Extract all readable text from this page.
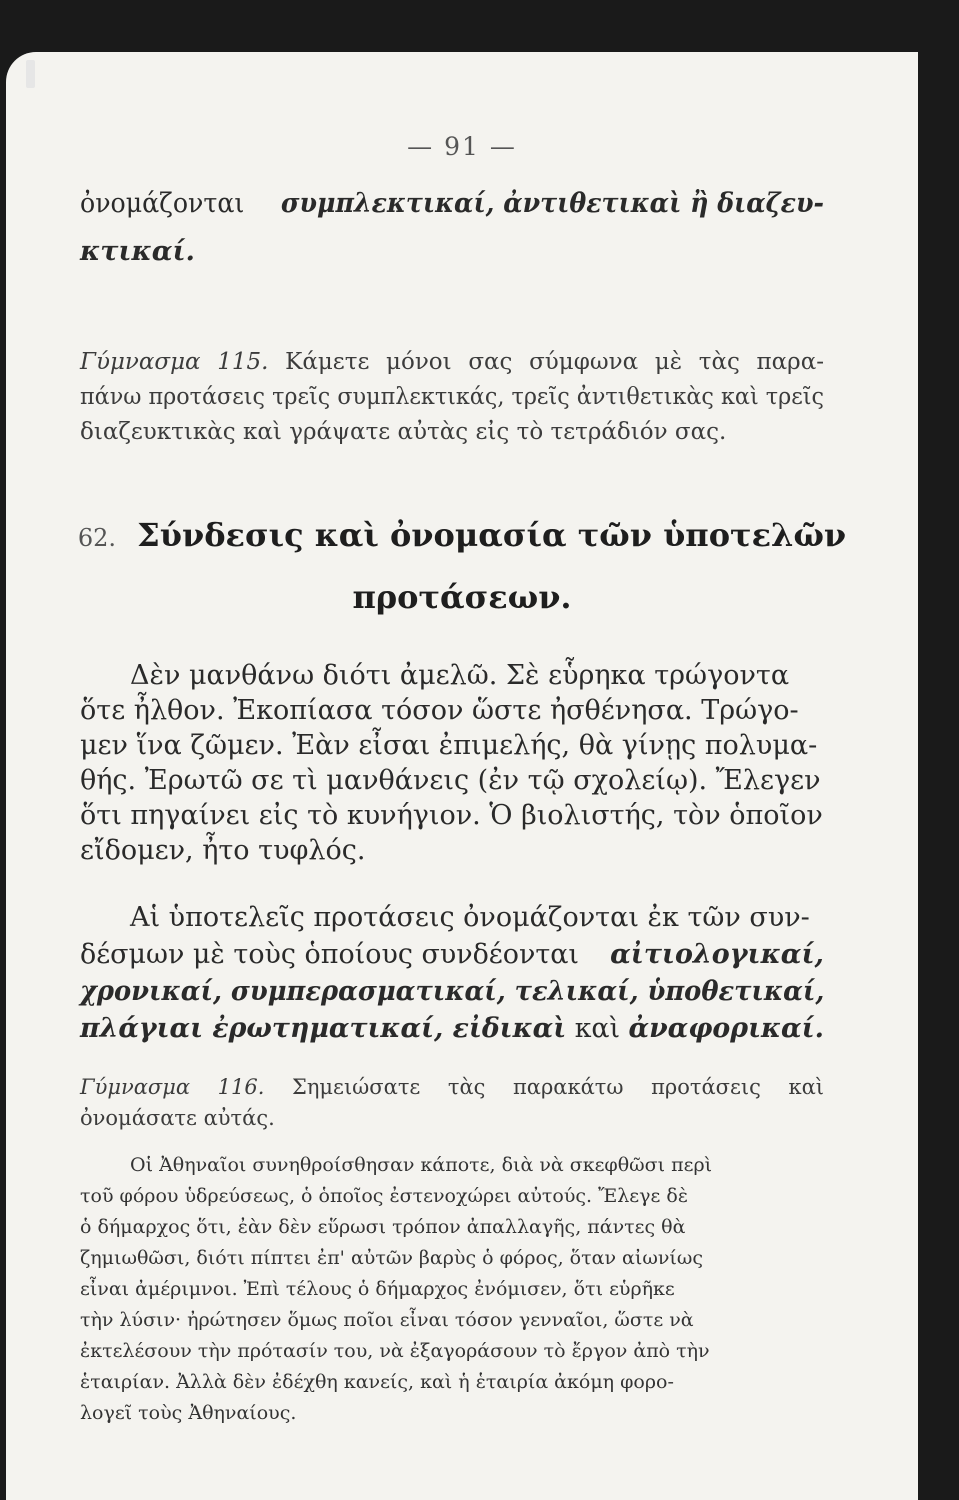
— 91 —
ὀνομάζονται συμπλεκτικαί, ἀντιθετικαὶ ἢ διαζευ-
κτικαί.
Γύμνασμα 115. Κάμετε μόνοι σας σύμφωνα μὲ τὰς παρα-
πάνω προτάσεις τρεῖς συμπλεκτικάς, τρεῖς ἀντιθετικὰς καὶ τρεῖς
διαζευκτικὰς καὶ γράψατε αὐτὰς εἰς τὸ τετράδιόν σας.
62. Σύνδεσις καὶ ὀνομασία τῶν ὑποτελῶν
προτάσεων.
Δὲν μανθάνω διότι ἀμελῶ. Σὲ εὗρηκα τρώγοντα
ὅτε ἦλθον. Ἐκοπίασα τόσον ὥστε ἠσθένησα. Τρώγο-
μεν ἵνα ζῶμεν. Ἐὰν εἶσαι ἐπιμελής, θὰ γίνῃς πολυμα-
θής. Ἐρωτῶ σε τὶ μανθάνεις (ἐν τῷ σχολείῳ). Ἔλεγεν
ὅτι πηγαίνει εἰς τὸ κυνήγιον. Ὁ βιολιστής, τὸν ὁποῖον
εἴδομεν, ἦτο τυφλός.
Αἱ ὑποτελεῖς προτάσεις ὀνομάζονται ἐκ τῶν συν-
δέσμων μὲ τοὺς ὁποίους συνδέονται αἰτιολογικαί,
χρονικαί, συμπερασματικαί, τελικαί, ὑποθετικαί,
πλάγιαι ἐρωτηματικαί, εἰδικαὶ καὶ ἀναφορικαί.
Γύμνασμα 116. Σημειώσατε τὰς παρακάτω προτάσεις καὶ
ὀνομάσατε αὐτάς.
Οἱ Ἀθηναῖοι συνηθροίσθησαν κάποτε, διὰ νὰ σκεφθῶσι περὶ
τοῦ φόρου ὑδρεύσεως, ὁ ὁποῖος ἐστενοχώρει αὐτούς. Ἔλεγε δὲ
ὁ δήμαρχος ὅτι, ἐὰν δὲν εὕρωσι τρόπον ἀπαλλαγῆς, πάντες θὰ
ζημιωθῶσι, διότι πίπτει ἐπ' αὐτῶν βαρὺς ὁ φόρος, ὅταν αἰωνίως
εἶναι ἀμέριμνοι. Ἐπὶ τέλους ὁ δήμαρχος ἐνόμισεν, ὅτι εὑρῆκε
τὴν λύσιν· ἠρώτησεν ὅμως ποῖοι εἶναι τόσον γενναῖοι, ὥστε νὰ
ἐκτελέσουν τὴν πρότασίν του, νὰ ἐξαγοράσουν τὸ ἔργον ἀπὸ τὴν
ἑταιρίαν. Ἀλλὰ δὲν ἐδέχθη κανείς, καὶ ἡ ἑταιρία ἀκόμη φορο-
λογεῖ τοὺς Ἀθηναίους.
